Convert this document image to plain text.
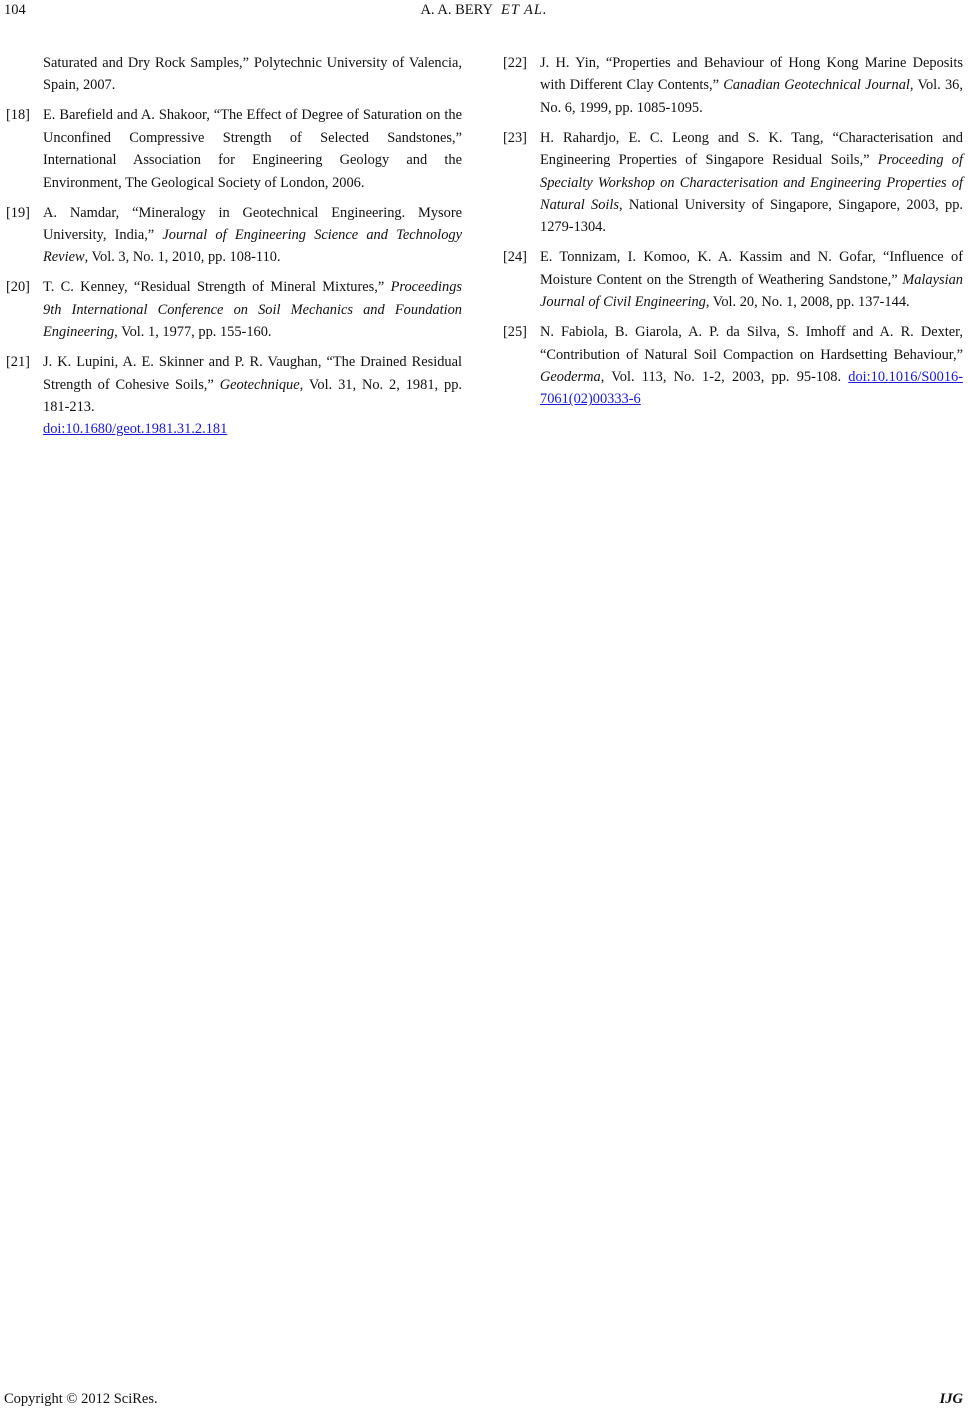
104	A. A. BERY ET AL.
Saturated and Dry Rock Samples,” Polytechnic University of Valencia, Spain, 2007.
[18] E. Barefield and A. Shakoor, “The Effect of Degree of Saturation on the Unconfined Compressive Strength of Selected Sandstones,” International Association for Engineering Geology and the Environment, The Geological Society of London, 2006.
[19] A. Namdar, “Mineralogy in Geotechnical Engineering. Mysore University, India,” Journal of Engineering Science and Technology Review, Vol. 3, No. 1, 2010, pp. 108-110.
[20] T. C. Kenney, “Residual Strength of Mineral Mixtures,” Proceedings 9th International Conference on Soil Mechanics and Foundation Engineering, Vol. 1, 1977, pp. 155-160.
[21] J. K. Lupini, A. E. Skinner and P. R. Vaughan, “The Drained Residual Strength of Cohesive Soils,” Geotechnique, Vol. 31, No. 2, 1981, pp. 181-213.
doi:10.1680/geot.1981.31.2.181
[22] J. H. Yin, “Properties and Behaviour of Hong Kong Marine Deposits with Different Clay Contents,” Canadian Geotechnical Journal, Vol. 36, No. 6, 1999, pp. 1085-1095.
[23] H. Rahardjo, E. C. Leong and S. K. Tang, “Characterisation and Engineering Properties of Singapore Residual Soils,” Proceeding of Specialty Workshop on Characterisation and Engineering Properties of Natural Soils, National University of Singapore, Singapore, 2003, pp. 1279-1304.
[24] E. Tonnizam, I. Komoo, K. A. Kassim and N. Gofar, “Influence of Moisture Content on the Strength of Weathering Sandstone,” Malaysian Journal of Civil Engineering, Vol. 20, No. 1, 2008, pp. 137-144.
[25] N. Fabiola, B. Giarola, A. P. da Silva, S. Imhoff and A. R. Dexter, “Contribution of Natural Soil Compaction on Hardsetting Behaviour,” Geoderma, Vol. 113, No. 1-2, 2003, pp. 95-108. doi:10.1016/S0016-7061(02)00333-6
Copyright © 2012 SciRes.	IJG
